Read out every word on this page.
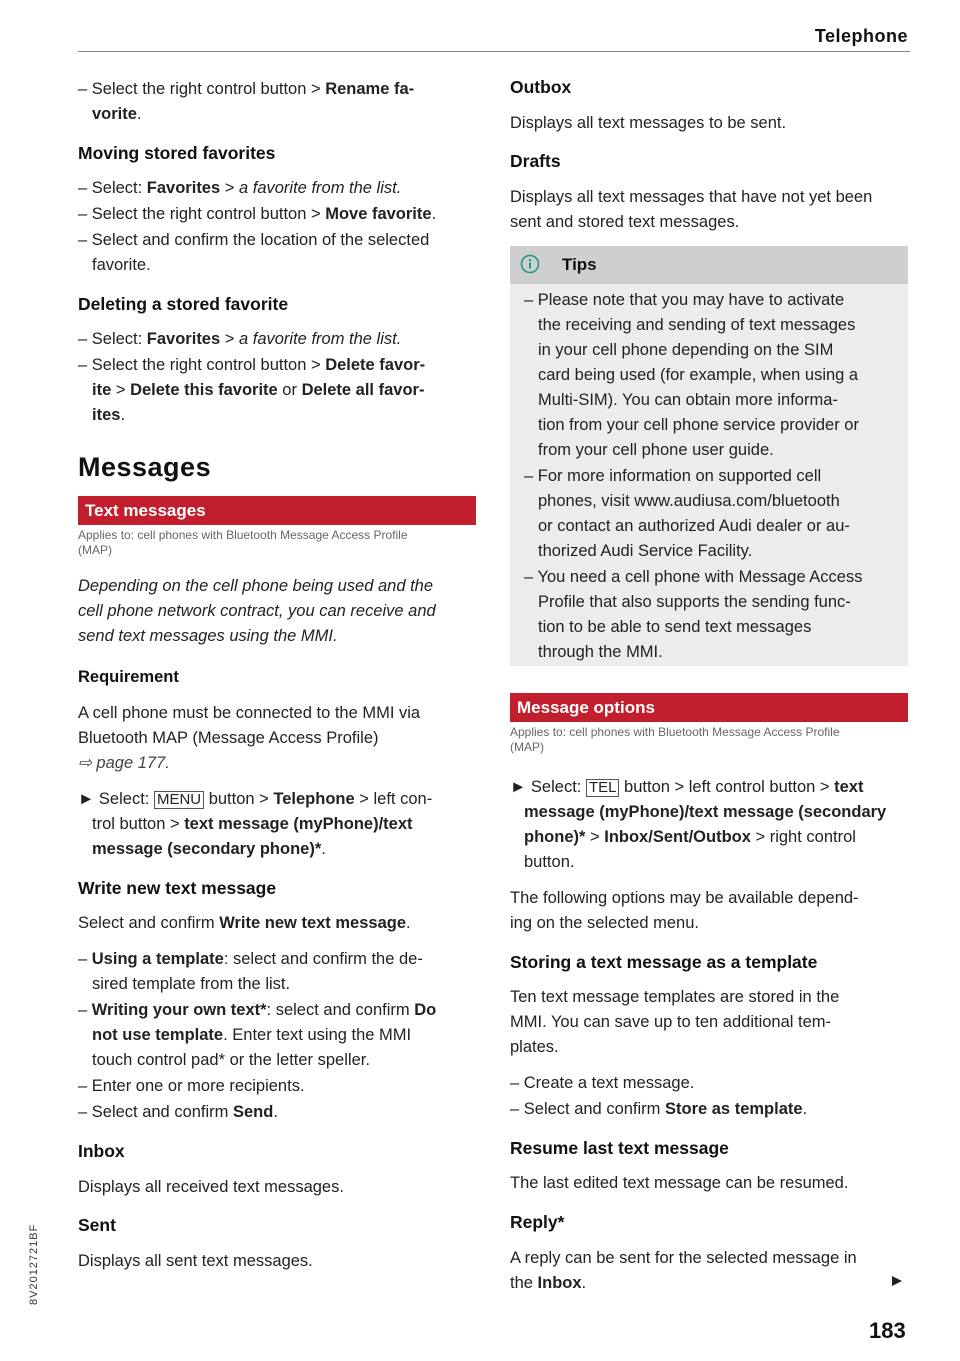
Telephone
8V2012721BF
– Select the right control button > Rename fa-
vorite.
Moving stored favorites
– Select: Favorites > a favorite from the list.
– Select the right control button > Move favorite.
– Select and confirm the location of the selected
favorite.
Deleting a stored favorite
– Select: Favorites > a favorite from the list.
– Select the right control button > Delete favor-
ite > Delete this favorite or Delete all favor-
ites.
Messages
Text messages
Applies to: cell phones with Bluetooth Message Access Profile
(MAP)
Depending on the cell phone being used and the
cell phone network contract, you can receive and
send text messages using the MMI.
Requirement
A cell phone must be connected to the MMI via
Bluetooth MAP (Message Access Profile)
⇨ page 177.
► Select: MENU button > Telephone > left con-
trol button > text message (myPhone)/text
message (secondary phone)*.
Write new text message
Select and confirm Write new text message.
– Using a template: select and confirm the de-
sired template from the list.
– Writing your own text*: select and confirm Do
not use template. Enter text using the MMI
touch control pad* or the letter speller.
– Enter one or more recipients.
– Select and confirm Send.
Inbox
Displays all received text messages.
Sent
Displays all sent text messages.
Outbox
Displays all text messages to be sent.
Drafts
Displays all text messages that have not yet been
sent and stored text messages.
Tips
– Please note that you may have to activate
the receiving and sending of text messages
in your cell phone depending on the SIM
card being used (for example, when using a
Multi-SIM). You can obtain more informa-
tion from your cell phone service provider or
from your cell phone user guide.
– For more information on supported cell
phones, visit www.audiusa.com/bluetooth
or contact an authorized Audi dealer or au-
thorized Audi Service Facility.
– You need a cell phone with Message Access
Profile that also supports the sending func-
tion to be able to send text messages
through the MMI.
Message options
Applies to: cell phones with Bluetooth Message Access Profile
(MAP)
► Select: TEL button > left control button > text
message (myPhone)/text message (secondary
phone)* > Inbox/Sent/Outbox > right control
button.
The following options may be available depend-
ing on the selected menu.
Storing a text message as a template
Ten text message templates are stored in the
MMI. You can save up to ten additional tem-
plates.
– Create a text message.
– Select and confirm Store as template.
Resume last text message
The last edited text message can be resumed.
Reply*
A reply can be sent for the selected message in
the Inbox.
183
